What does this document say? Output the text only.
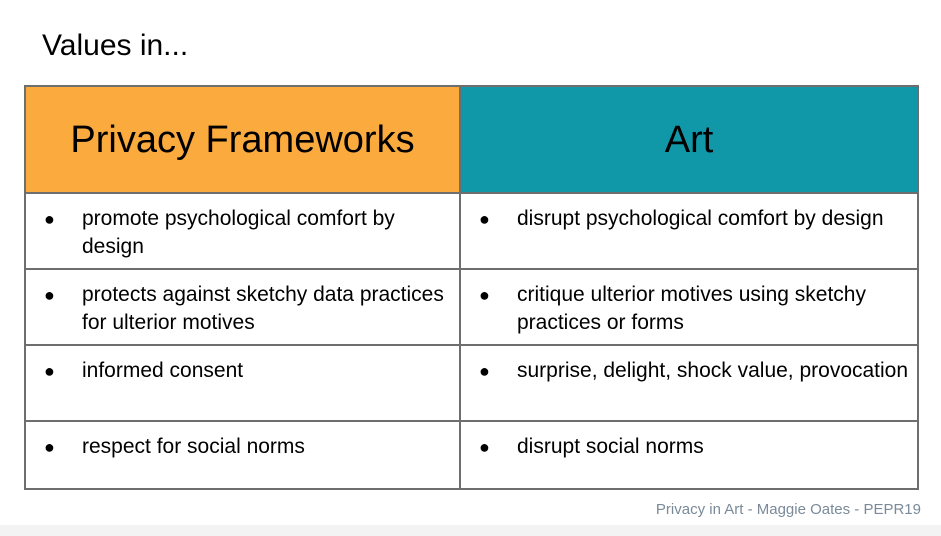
Values in...
Privacy Frameworks	Art

● promote psychological comfort by design	● disrupt psychological comfort by design

● protects against sketchy data practices for ulterior motives	● critique ulterior motives using sketchy practices or forms

● informed consent	● surprise, delight, shock value, provocation

● respect for social norms	● disrupt social norms
Privacy in Art - Maggie Oates - PEPR19
